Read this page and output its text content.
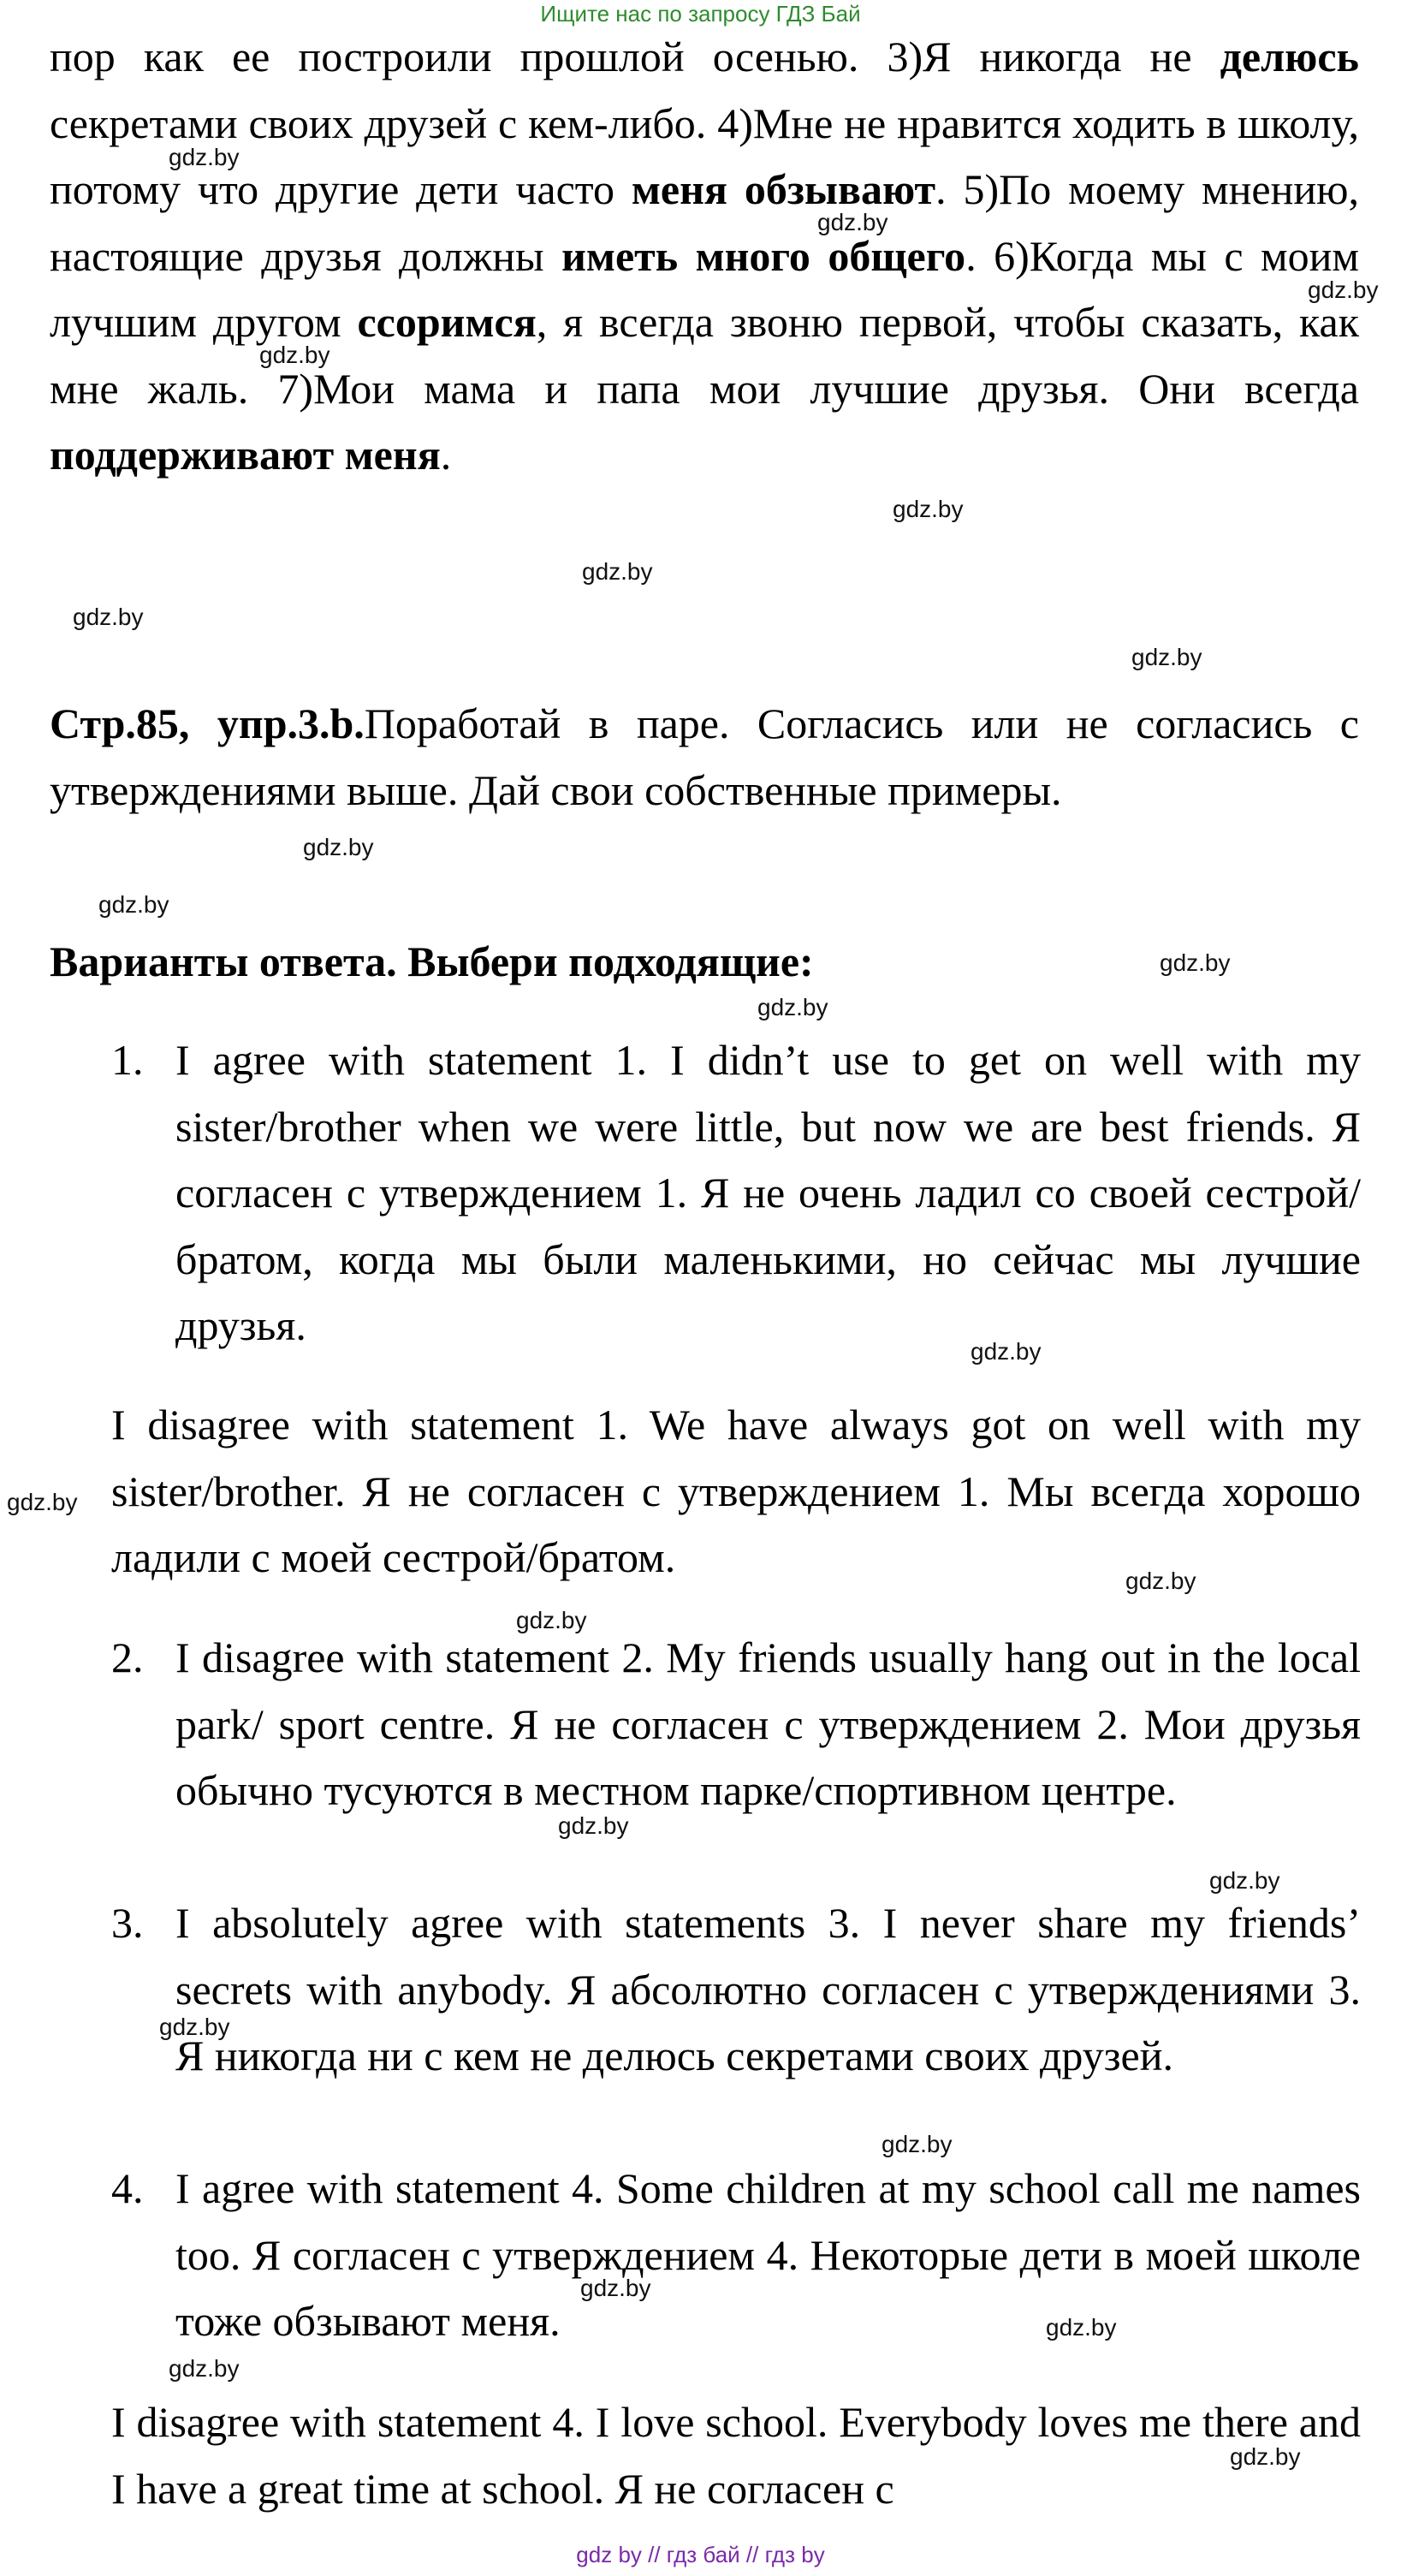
Ищите нас по запросу ГДЗ Бай
пор как ее построили прошлой осенью. 3)Я никогда не делюсь секретами своих друзей с кем-либо. 4)Мне не нравится ходить в школу, потому что другие дети часто меня обзывают. 5)По моему мнению, настоящие друзья должны иметь много общего. 6)Когда мы с моим лучшим другом ссоримся, я всегда звоню первой, чтобы сказать, как мне жаль. 7)Мои мама и папа мои лучшие друзья. Они всегда поддерживают меня.
Стр.85, упр.3.b.Поработай в паре. Согласись или не согласись с утверждениями выше. Дай свои собственные примеры.
Варианты ответа. Выбери подходящие:
1. I agree with statement 1. I didn’t use to get on well with my sister/brother when we were little, but now we are best friends. Я согласен с утверждением 1. Я не очень ладил со своей сестрой/братом, когда мы были маленькими, но сейчас мы лучшие друзья.
I disagree with statement 1. We have always got on well with my sister/brother. Я не согласен с утверждением 1. Мы всегда хорошо ладили с моей сестрой/братом.
2. I disagree with statement 2. My friends usually hang out in the local park/ sport centre. Я не согласен с утверждением 2. Мои друзья обычно тусуются в местном парке/спортивном центре.
3. I absolutely agree with statements 3. I never share my friends’ secrets with anybody. Я абсолютно согласен с утверждениями 3. Я никогда ни с кем не делюсь секретами своих друзей.
4. I agree with statement 4. Some children at my school call me names too. Я согласен с утверждением 4. Некоторые дети в моей школе тоже обзывают меня.
I disagree with statement 4. I love school. Everybody loves me there and I have a great time at school. Я не согласен с
gdz.by
gdz.by
gdz.by
gdz.by
gdz.by
gdz.by
gdz.by
gdz.by
gdz.by
gdz.by
gdz.by
gdz.by
gdz.by
gdz.by
gdz.by
gdz.by
gdz.by
gdz.by
gdz.by
gdz.by
gdz.by
gdz.by
gdz.by
gdz.by
gdz by // гдз бай // гдз by
